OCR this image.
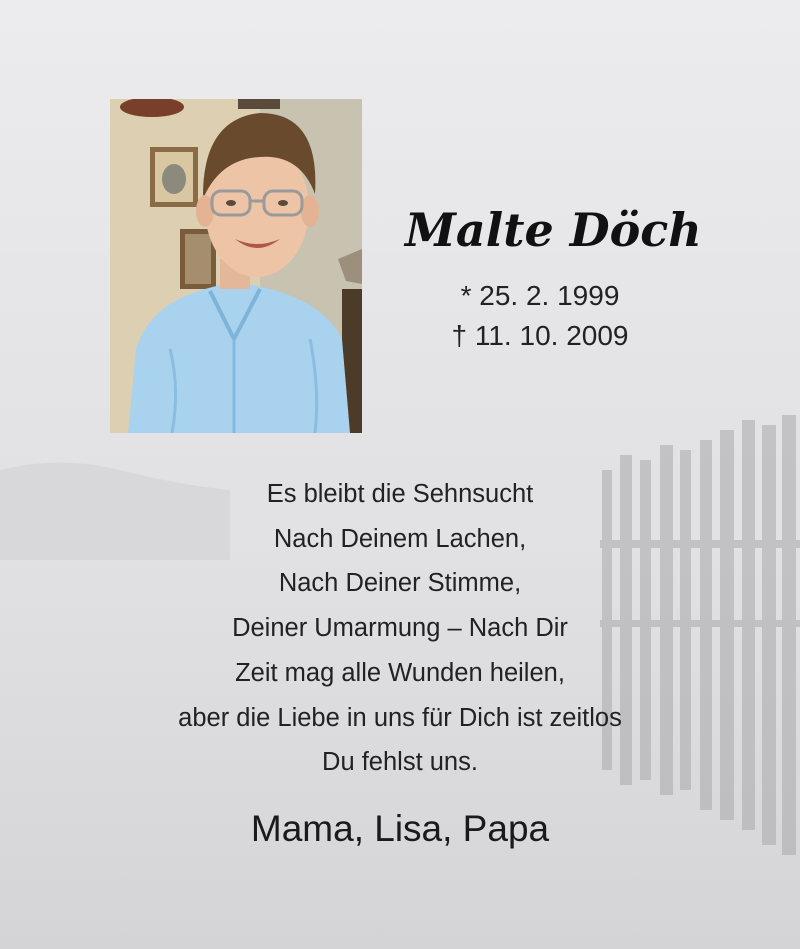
Malte Döch
* 25. 2. 1999
† 11. 10. 2009
Es bleibt die Sehnsucht
Nach Deinem Lachen,
Nach Deiner Stimme,
Deiner Umarmung – Nach Dir
Zeit mag alle Wunden heilen,
aber die Liebe in uns für Dich ist zeitlos
Du fehlst uns.
Mama, Lisa, Papa
